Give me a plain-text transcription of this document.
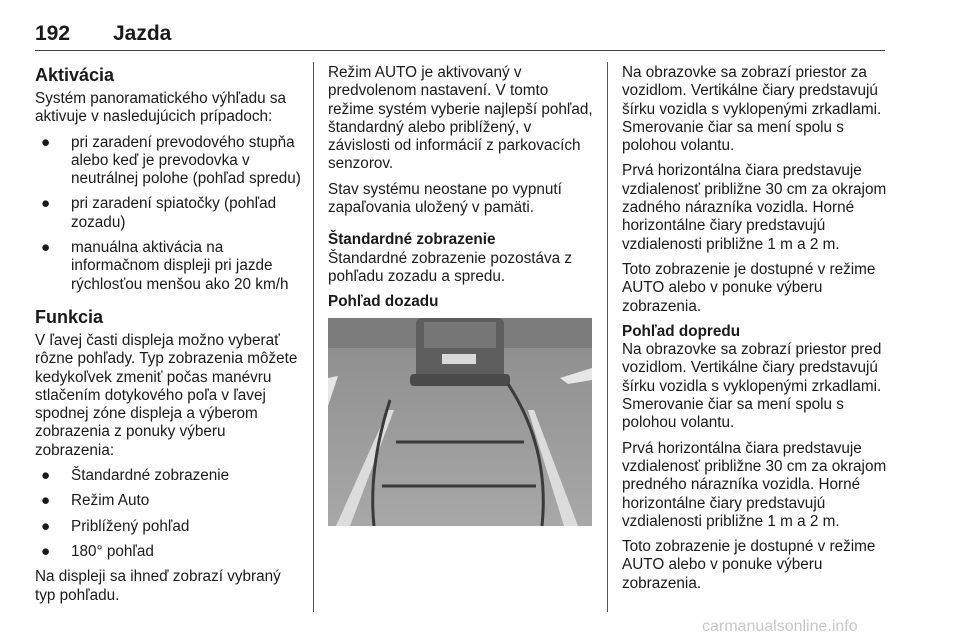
192 Jazda
Aktivácia

Systém panoramatického výhľadu sa aktivuje v nasledujúcich prípadoch:

● pri zaradení prevodového stupňa alebo keď je prevodovka v neutrálnej polohe (pohľad spredu)
● pri zaradení spiatočky (pohľad zozadu)
● manuálna aktivácia na informačnom displeji pri jazde rýchlosťou menšou ako 20 km/h
Funkcia

V ľavej časti displeja možno vyberať rôzne pohľady. Typ zobrazenia môžete kedykoľvek zmeniť počas manévru stlačením dotykového poľa v ľavej spodnej zóne displeja a výberom zobrazenia z ponuky výberu zobrazenia:

● Štandardné zobrazenie
● Režim Auto
● Priblížený pohľad
● 180° pohľad

Na displeji sa ihneď zobrazí vybraný typ pohľadu.

Režim AUTO je aktivovaný v predvolenom nastavení. V tomto režime systém vyberie najlepší pohľad, štandardný alebo priblížený, v závislosti od informácií z parkovacích senzorov.

Stav systému neostane po vypnutí zapaľovania uložený v pamäti.

Štandardné zobrazenie

Štandardné zobrazenie pozostáva z pohľadu zozadu a spredu.

Pohľad dozadu

Na obrazovke sa zobrazí priestor za vozidlom. Vertikálne čiary predstavujú šírku vozidla s vyklopenými zrkadlami. Smerovanie čiar sa mení spolu s polohou volantu.

Prvá horizontálna čiara predstavuje vzdialenosť približne 30 cm za okrajom zadného nárazníka vozidla. Horné horizontálne čiary predstavujú vzdialenosti približne 1 m a 2 m.

Toto zobrazenie je dostupné v režime AUTO alebo v ponuke výberu zobrazenia.

Pohľad dopredu

Na obrazovke sa zobrazí priestor pred vozidlom. Vertikálne čiary predstavujú šírku vozidla s vyklopenými zrkadlami. Smerovanie čiar sa mení spolu s polohou volantu.

Prvá horizontálna čiara predstavuje vzdialenosť približne 30 cm za okrajom predného nárazníka vozidla. Horné horizontálne čiary predstavujú vzdialenosti približne 1 m a 2 m.

Toto zobrazenie je dostupné v režime AUTO alebo v ponuke výberu zobrazenia.

carmanualsonline.info
